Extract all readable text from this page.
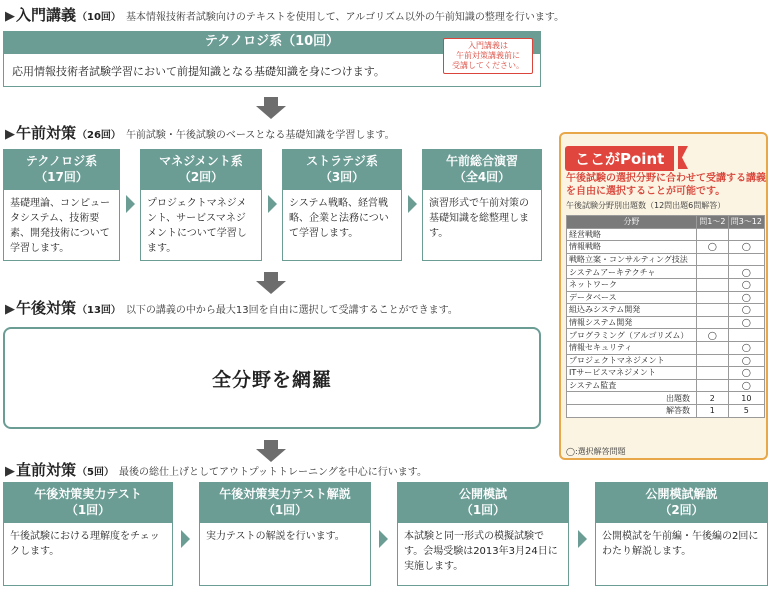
▶ 入門講義 （10回） 基本情報技術者試験向けのテキストを使用して、アルゴリズム以外の午前知識の整理を行います。
テクノロジ系（10回）
応用情報技術者試験学習において前提知識となる基礎知識を身につけます。
入門講義は
午前対策講義前に
受講してください。
▶ 午前対策 （26回） 午前試験・午後試験のベースとなる基礎知識を学習します。
テクノロジ系
（17回）
基礎理論、コンピュータシステム、技術要素、開発技術について学習します。
マネジメント系
（2回）
プロジェクトマネジメント、サービスマネジメントについて学習します。
ストラテジ系
（3回）
システム戦略、経営戦略、企業と法務について学習します。
午前総合演習
（全4回）
演習形式で午前対策の基礎知識を総整理します。
▶ 午後対策 （13回） 以下の講義の中から最大13回を自由に選択して受講することができます。
全分野を網羅
▶ 直前対策 （5回） 最後の総仕上げとしてアウトプットトレーニングを中心に行います。
午後対策実力テスト
（1回）
午後試験における理解度をチェックします。
午後対策実力テスト解説
（1回）
実力テストの解説を行います。
公開模試
（1回）
本試験と同一形式の模擬試験です。会場受験は2013年3月24日に実施します。
公開模試解説
（2回）
公開模試を午前編・午後編の2回にわたり解説します。
ここがPoint
午後試験の選択分野に合わせて受講する講義を自由に選択することが可能です。
午後試験分野別出題数（12問出題6問解答）
分野	問1～2	問3～12
経営戦略		
情報戦略	◯	◯
戦略立案・コンサルティング技法		
システムアーキテクチャ		◯
ネットワーク		◯
データベース		◯
組込みシステム開発		◯
情報システム開発		◯
プログラミング（アルゴリズム）	◯	
情報セキュリティ		◯
プロジェクトマネジメント		◯
ITサービスマネジメント		◯
システム監査		◯
出題数	2	10
解答数	1	5
◯:選択解答問題
